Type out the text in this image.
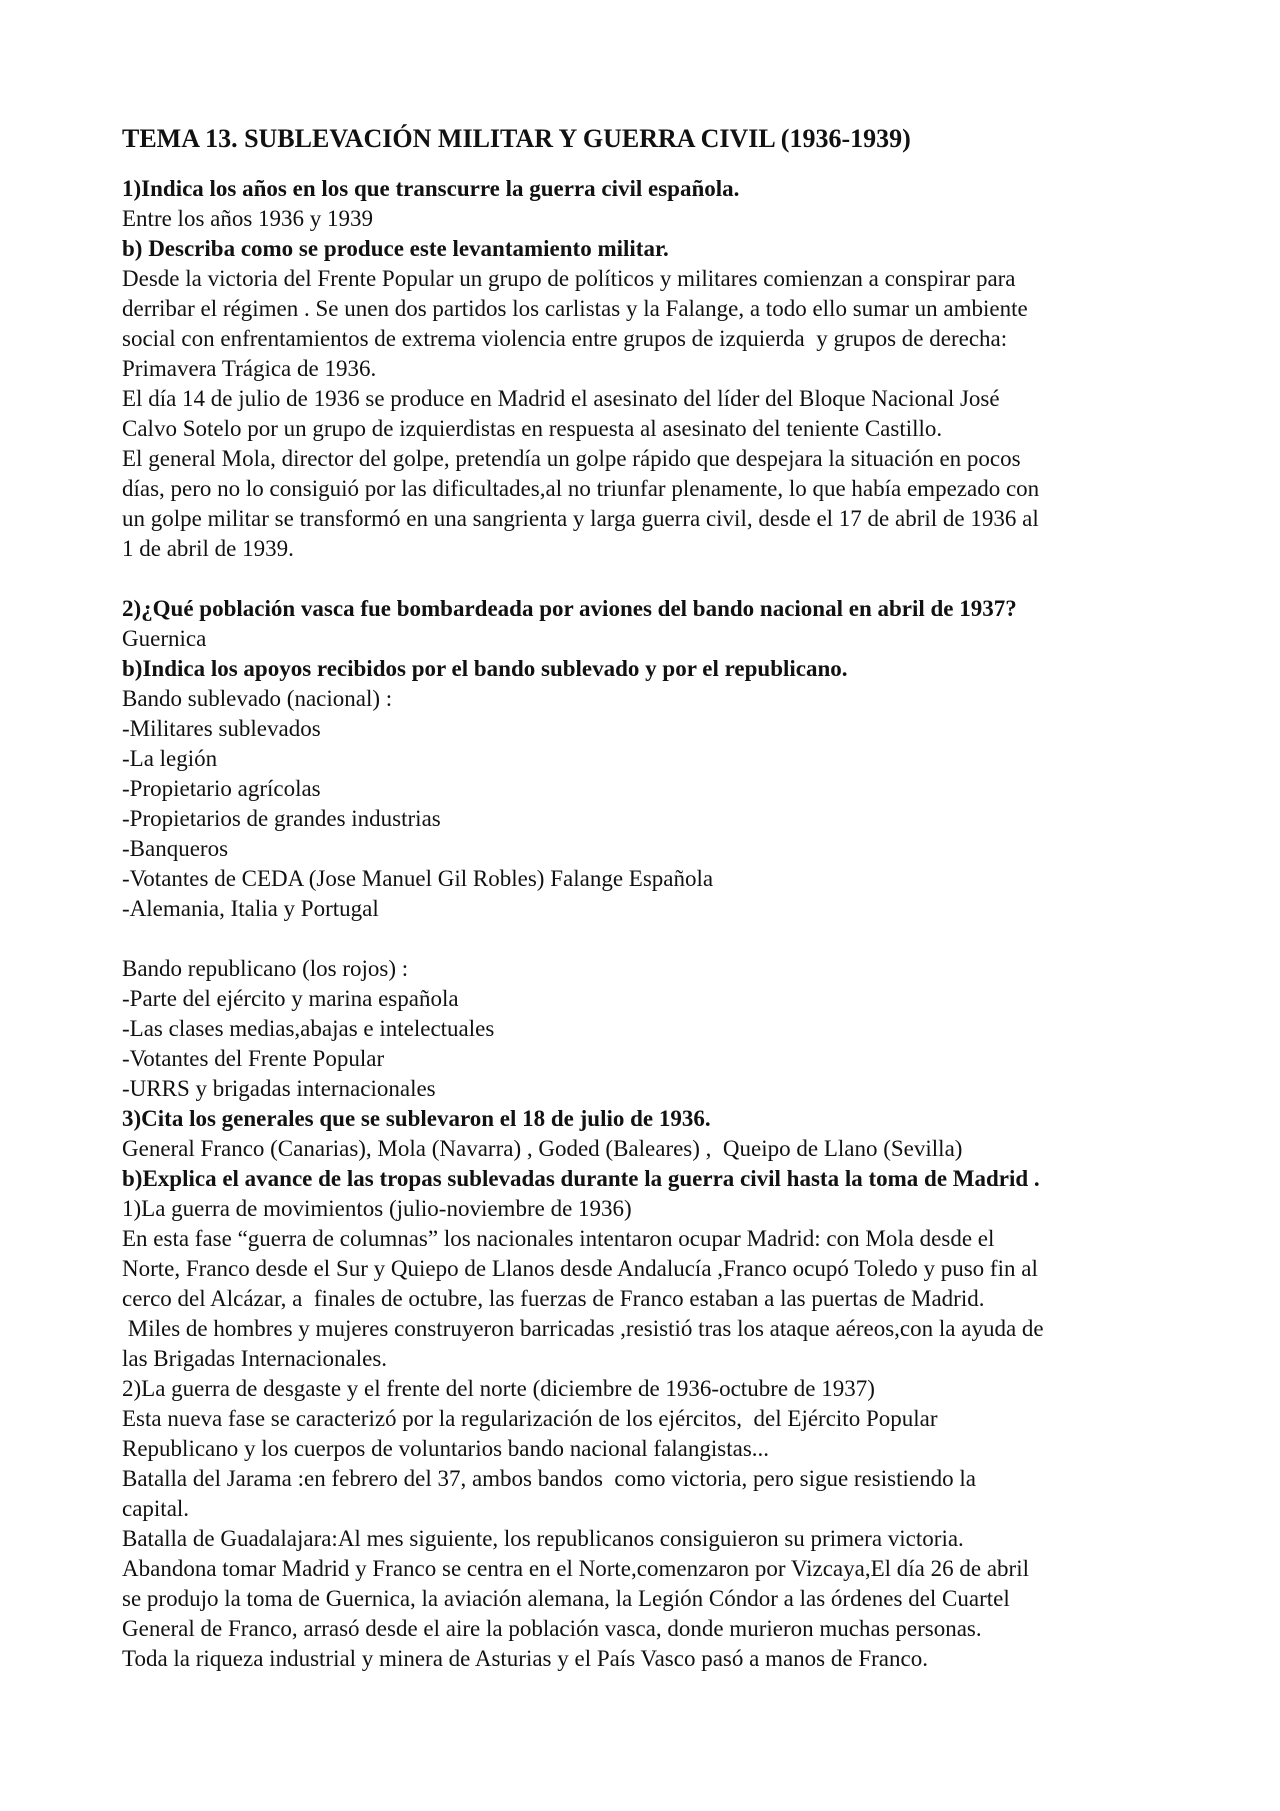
TEMA 13. SUBLEVACIÓN MILITAR Y GUERRA CIVIL (1936-1939)

1)Indica los años en los que transcurre la guerra civil española.

Entre los años 1936 y 1939

b) Describa como se produce este levantamiento militar.

Desde la victoria del Frente Popular un grupo de políticos y militares comienzan a conspirar para

derribar el régimen . Se unen dos partidos los carlistas y la Falange, a todo ello sumar un ambiente

social con enfrentamientos de extrema violencia entre grupos de izquierda  y grupos de derecha:

Primavera Trágica de 1936.

El día 14 de julio de 1936 se produce en Madrid el asesinato del líder del Bloque Nacional José

Calvo Sotelo por un grupo de izquierdistas en respuesta al asesinato del teniente Castillo.

El general Mola, director del golpe, pretendía un golpe rápido que despejara la situación en pocos

días, pero no lo consiguió por las dificultades,al no triunfar plenamente, lo que había empezado con

un golpe militar se transformó en una sangrienta y larga guerra civil, desde el 17 de abril de 1936 al

1 de abril de 1939.

2)¿Qué población vasca fue bombardeada por aviones del bando nacional en abril de 1937?

Guernica

b)Indica los apoyos recibidos por el bando sublevado y por el republicano.

Bando sublevado (nacional) :

-Militares sublevados

-La legión

-Propietario agrícolas

-Propietarios de grandes industrias

-Banqueros

-Votantes de CEDA (Jose Manuel Gil Robles) Falange Española

-Alemania, Italia y Portugal

Bando republicano (los rojos) :

-Parte del ejército y marina española

-Las clases medias,abajas e intelectuales

-Votantes del Frente Popular

-URRS y brigadas internacionales

3)Cita los generales que se sublevaron el 18 de julio de 1936.

General Franco (Canarias), Mola (Navarra) , Goded (Baleares) ,  Queipo de Llano (Sevilla)

b)Explica el avance de las tropas sublevadas durante la guerra civil hasta la toma de Madrid .

1)La guerra de movimientos (julio-noviembre de 1936)

En esta fase “guerra de columnas” los nacionales intentaron ocupar Madrid: con Mola desde el

Norte, Franco desde el Sur y Quiepo de Llanos desde Andalucía ,Franco ocupó Toledo y puso fin al

cerco del Alcázar, a  finales de octubre, las fuerzas de Franco estaban a las puertas de Madrid.

Miles de hombres y mujeres construyeron barricadas ,resistió tras los ataque aéreos,con la ayuda de

las Brigadas Internacionales.

2)La guerra de desgaste y el frente del norte (diciembre de 1936-octubre de 1937)

Esta nueva fase se caracterizó por la regularización de los ejércitos,  del Ejército Popular

Republicano y los cuerpos de voluntarios bando nacional falangistas...

Batalla del Jarama :en febrero del 37, ambos bandos  como victoria, pero sigue resistiendo la

capital.

Batalla de Guadalajara:Al mes siguiente, los republicanos consiguieron su primera victoria.

Abandona tomar Madrid y Franco se centra en el Norte,comenzaron por Vizcaya,El día 26 de abril

se produjo la toma de Guernica, la aviación alemana, la Legión Cóndor a las órdenes del Cuartel

General de Franco, arrasó desde el aire la población vasca, donde murieron muchas personas.

Toda la riqueza industrial y minera de Asturias y el País Vasco pasó a manos de Franco.
